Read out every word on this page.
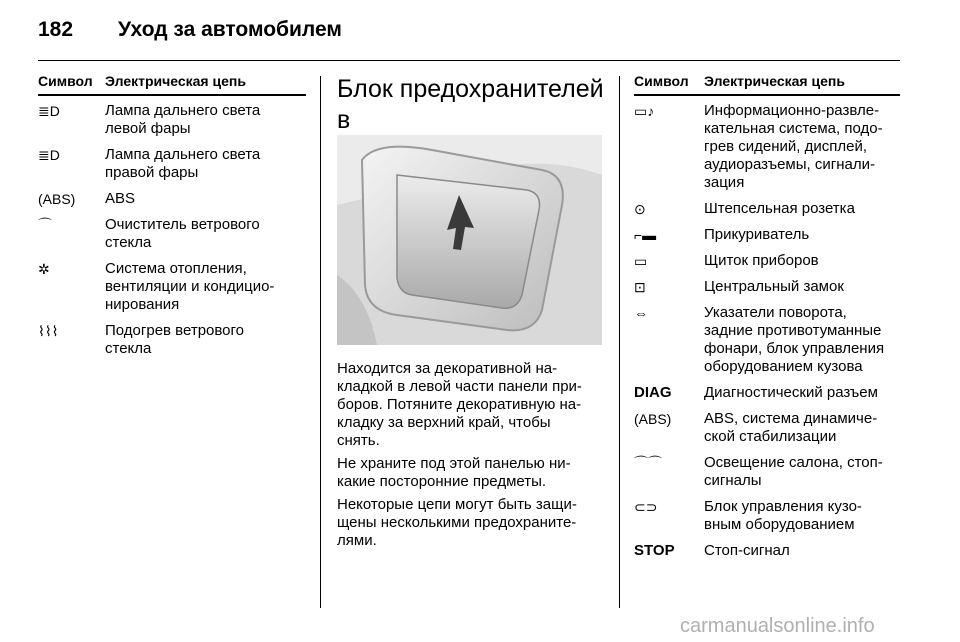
182 Уход за автомобилем
Символ Электрическая цепь
≣D	Лампа дальнего света
левой фары
≣D	Лампа дальнего света
правой фары
(ABS) ABS
⌒	Очиститель ветрового
стекла
✲	Система отопления,
вентиляции и кондицио-
нирования
⌇⌇⌇	Подогрев ветрового
стекла
Блок предохранителей в

Находится за декоративной на-
кладкой в левой части панели при-
боров. Потяните декоративную на-
кладку за верхний край, чтобы
снять.

Не храните под этой панелью ни-
какие посторонние предметы.

Некоторые цепи могут быть защи-
щены несколькими предохраните-
лями.

Символ Электрическая цепь
▭♪	Информационно-развле-
кательная система, подо-
грев сидений, дисплей,
аудиоразъемы, сигнали-
зация
⊙	Штепсельная розетка
⌐▬	Прикуриватель
▭	Щиток приборов
⊡	Центральный замок
⇔	Указатели поворота,
задние противотуманные
фонари, блок управления
оборудованием кузова
DIAG Диагностический разъем
(ABS) ABS, система динамиче-
ской стабилизации
⌒⌒	Освещение салона, стоп-
сигналы
⊂⊃	Блок управления кузо-
вным оборудованием
STOP Стоп-сигнал
carmanualsonline.info
